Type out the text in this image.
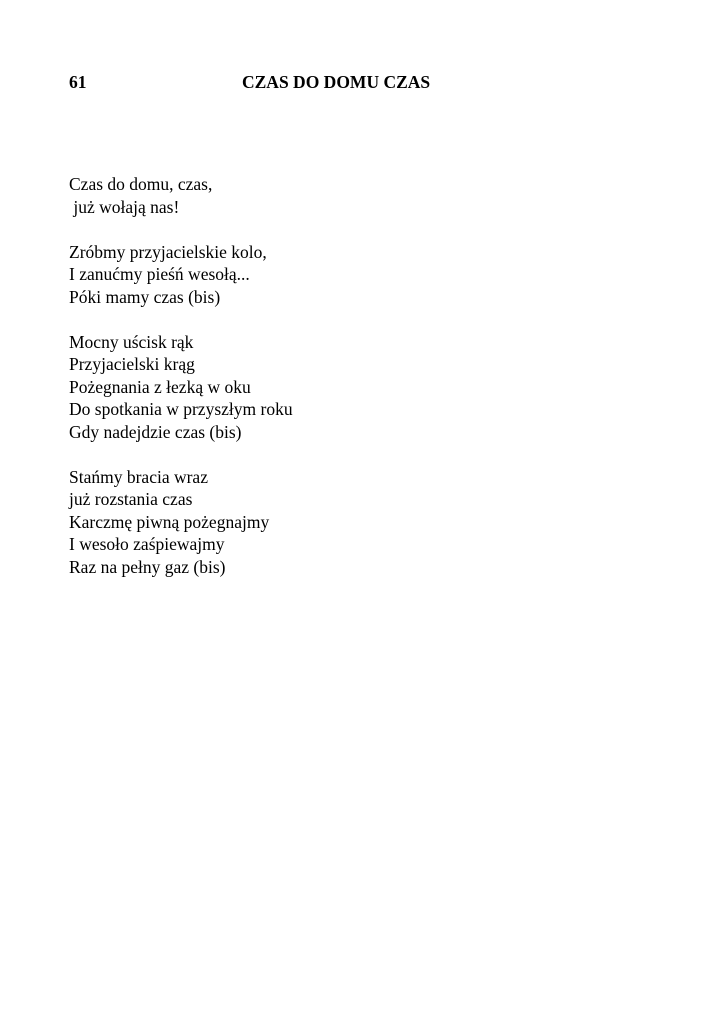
61	CZAS DO DOMU CZAS
Czas do domu, czas,
już wołają nas!
Zróbmy przyjacielskie kolo,
I zanućmy pieśń wesołą...
Póki mamy czas (bis)
Mocny uścisk rąk
Przyjacielski krąg
Pożegnania z łezką w oku
Do spotkania w przyszłym roku
Gdy nadejdzie czas (bis)
Stańmy bracia wraz
już rozstania czas
Karczmę piwną pożegnajmy
I wesoło zaśpiewajmy
Raz na pełny gaz (bis)
